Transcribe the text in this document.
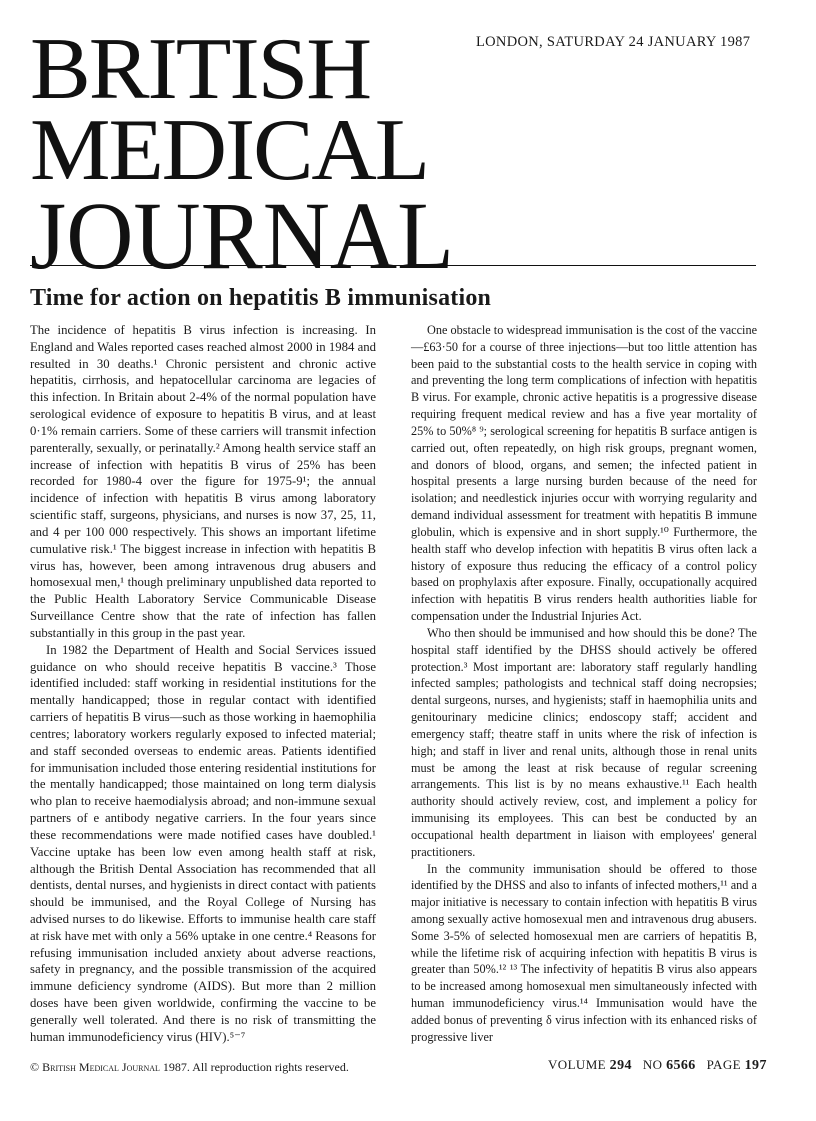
BRITISH
MEDICAL
JOURNAL
LONDON, SATURDAY 24 JANUARY 1987
Time for action on hepatitis B immunisation

The incidence of hepatitis B virus infection is increasing. In England and Wales reported cases reached almost 2000 in 1984 and resulted in 30 deaths.¹ Chronic persistent and chronic active hepatitis, cirrhosis, and hepatocellular carcinoma are legacies of this infection. In Britain about 2-4% of the normal population have serological evidence of exposure to hepatitis B virus, and at least 0·1% remain carriers. Some of these carriers will transmit infection parenterally, sexually, or perinatally.² Among health service staff an increase of infection with hepatitis B virus of 25% has been recorded for 1980-4 over the figure for 1975-9¹; the annual incidence of infection with hepatitis B virus among laboratory scientific staff, surgeons, physicians, and nurses is now 37, 25, 11, and 4 per 100 000 respectively. This shows an important lifetime cumulative risk.¹ The biggest increase in infection with hepatitis B virus has, however, been among intravenous drug abusers and homosexual men,¹ though preliminary unpublished data reported to the Public Health Laboratory Service Communicable Disease Surveillance Centre show that the rate of infection has fallen substantially in this group in the past year.

In 1982 the Department of Health and Social Services issued guidance on who should receive hepatitis B vaccine.³ Those identified included: staff working in residential institutions for the mentally handicapped; those in regular contact with identified carriers of hepatitis B virus—such as those working in haemophilia centres; laboratory workers regularly exposed to infected material; and staff seconded overseas to endemic areas. Patients identified for immunisation included those entering residential institutions for the mentally handicapped; those maintained on long term dialysis who plan to receive haemodialysis abroad; and non-immune sexual partners of e antibody negative carriers. In the four years since these recommendations were made notified cases have doubled.¹ Vaccine uptake has been low even among health staff at risk, although the British Dental Association has recommended that all dentists, dental nurses, and hygienists in direct contact with patients should be immunised, and the Royal College of Nursing has advised nurses to do likewise. Efforts to immunise health care staff at risk have met with only a 56% uptake in one centre.⁴ Reasons for refusing immunisation included anxiety about adverse reactions, safety in pregnancy, and the possible transmission of the acquired immune deficiency syndrome (AIDS). But more than 2 million doses have been given worldwide, confirming the vaccine to be generally well tolerated. And there is no risk of transmitting the human immunodeficiency virus (HIV).⁵⁻⁷

One obstacle to widespread immunisation is the cost of the vaccine—£63·50 for a course of three injections—but too little attention has been paid to the substantial costs to the health service in coping with and preventing the long term complications of infection with hepatitis B virus. For example, chronic active hepatitis is a progressive disease requiring frequent medical review and has a five year mortality of 25% to 50%⁸ ⁹; serological screening for hepatitis B surface antigen is carried out, often repeatedly, on high risk groups, pregnant women, and donors of blood, organs, and semen; the infected patient in hospital presents a large nursing burden because of the need for isolation; and needlestick injuries occur with worrying regularity and demand individual assessment for treatment with hepatitis B immune globulin, which is expensive and in short supply.¹⁰ Furthermore, the health staff who develop infection with hepatitis B virus often lack a history of exposure thus reducing the efficacy of a control policy based on prophylaxis after exposure. Finally, occupationally acquired infection with hepatitis B virus renders health authorities liable for compensation under the Industrial Injuries Act.

Who then should be immunised and how should this be done? The hospital staff identified by the DHSS should actively be offered protection.³ Most important are: laboratory staff regularly handling infected samples; pathologists and technical staff doing necropsies; dental surgeons, nurses, and hygienists; staff in haemophilia units and genitourinary medicine clinics; endoscopy staff; accident and emergency staff; theatre staff in units where the risk of infection is high; and staff in liver and renal units, although those in renal units must be among the least at risk because of regular screening arrangements. This list is by no means exhaustive.¹¹ Each health authority should actively review, cost, and implement a policy for immunising its employees. This can best be conducted by an occupational health department in liaison with employees' general practitioners.

In the community immunisation should be offered to those identified by the DHSS and also to infants of infected mothers,¹¹ and a major initiative is necessary to contain infection with hepatitis B virus among sexually active homosexual men and intravenous drug abusers. Some 3-5% of selected homosexual men are carriers of hepatitis B, while the lifetime risk of acquiring infection with hepatitis B virus is greater than 50%.¹² ¹³ The infectivity of hepatitis B virus also appears to be increased among homosexual men simultaneously infected with human immunodeficiency virus.¹⁴ Immunisation would have the added bonus of preventing δ virus infection with its enhanced risks of progressive liver

© British Medical Journal 1987. All reproduction rights reserved.	VOLUME 294 NO 6566 PAGE 197
